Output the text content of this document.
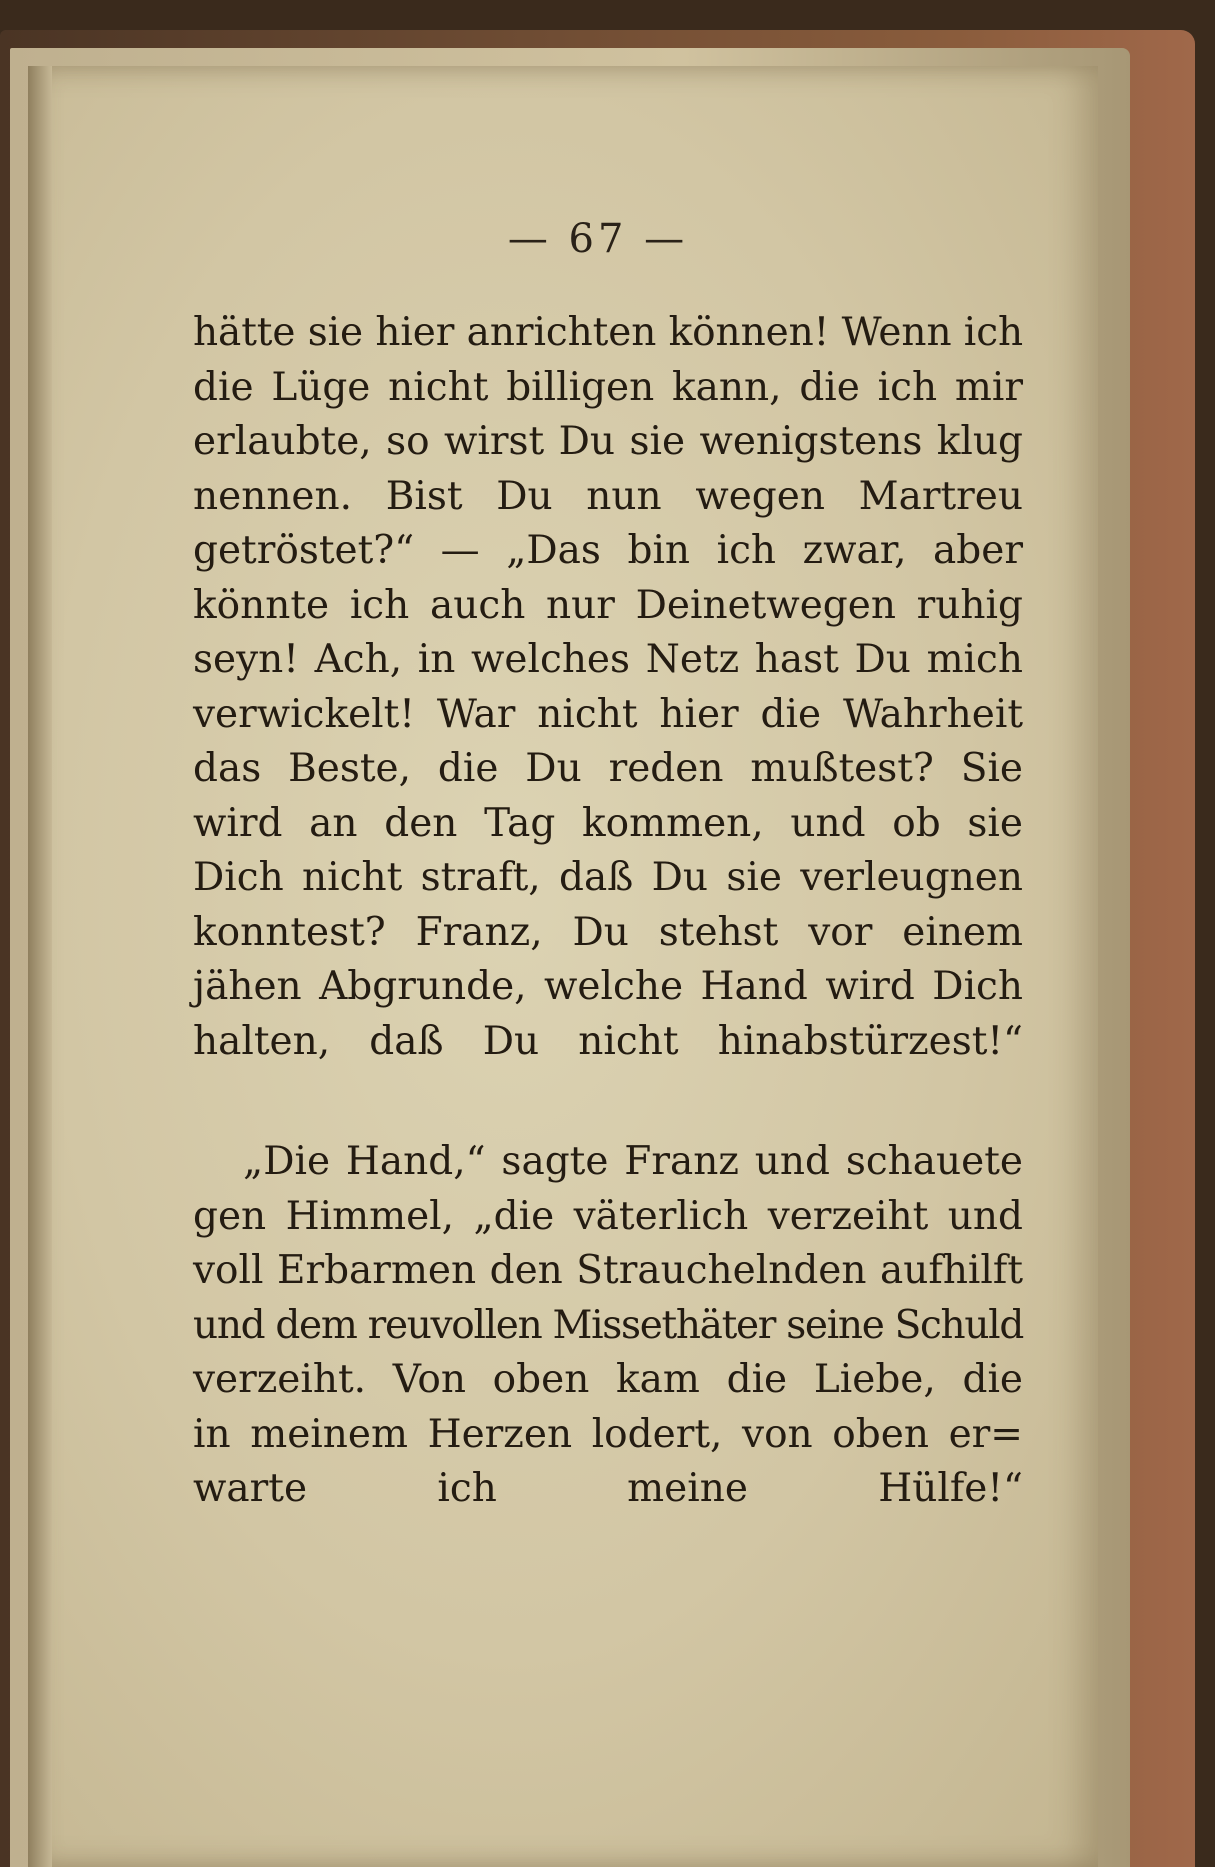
— 67 —

hätte sie hier anrichten können! Wenn ich
die Lüge nicht billigen kann, die ich mir
erlaubte, so wirst Du sie wenigstens klug
nennen. Bist Du nun wegen Martreu
getröstet?“ — „Das bin ich zwar, aber
könnte ich auch nur Deinetwegen ruhig
seyn! Ach, in welches Netz hast Du mich
verwickelt! War nicht hier die Wahrheit
das Beste, die Du reden mußtest? Sie
wird an den Tag kommen, und ob sie
Dich nicht straft, daß Du sie verleugnen
konntest? Franz, Du stehst vor einem
jähen Abgrunde, welche Hand wird Dich
halten, daß Du nicht hinabstürzest!“

„Die Hand,“ sagte Franz und schauete
gen Himmel, „die väterlich verzeiht und
voll Erbarmen den Strauchelnden aufhilft
und dem reuvollen Missethäter seine Schuld
verzeiht. Von oben kam die Liebe, die
in meinem Herzen lodert, von oben er=
warte ich meine Hülfe!“
